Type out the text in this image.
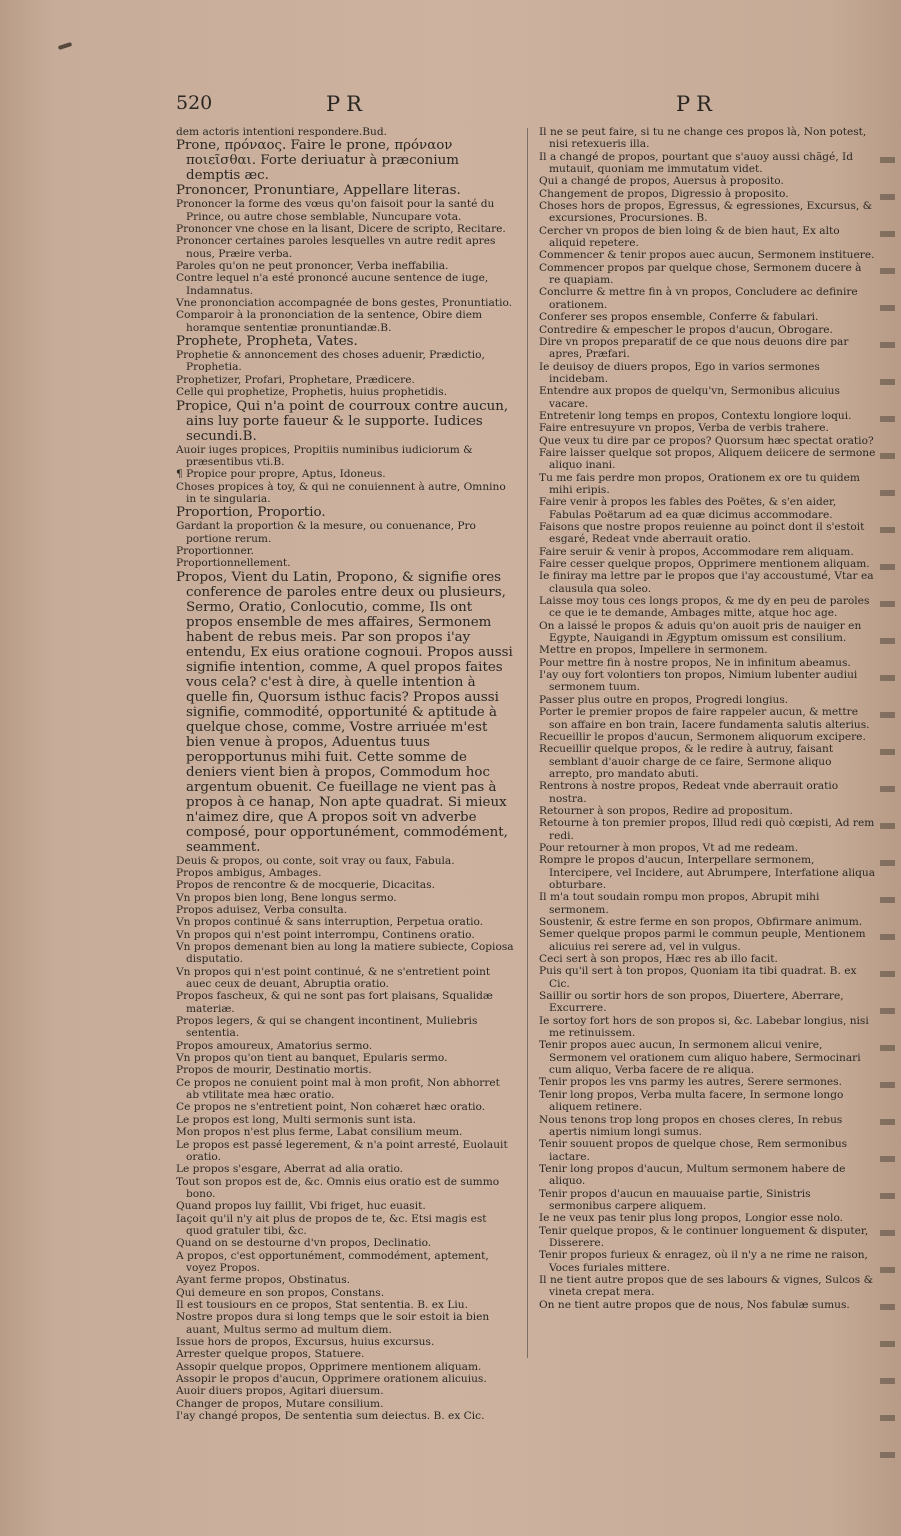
520	PR	PR

dem actoris intentioni respondere.Bud.

Prone, πρόναος. Faire le prone, πρόναον ποιεῖσθαι. Forte deriuatur à præconium demptis æc.

Prononcer, Pronuntiare, Appellare literas.

Prononcer la forme des vœus qu'on faisoit pour la santé du Prince, ou autre chose semblable, Nuncupare vota.

Prononcer vne chose en la lisant, Dicere de scripto, Recitare.

Prononcer certaines paroles lesquelles vn autre redit apres nous, Præire verba.

Paroles qu'on ne peut prononcer, Verba ineffabilia.

Contre lequel n'a esté prononcé aucune sentence de iuge, Indamnatus.

Vne prononciation accompagnée de bons gestes, Pronuntiatio.

Comparoir à la prononciation de la sentence, Obire diem horamque sententiæ pronuntiandæ.B.

Prophete, Propheta, Vates.

Prophetie & annoncement des choses aduenir, Prædictio, Prophetia.

Prophetizer, Profari, Prophetare, Prædicere.

Celle qui prophetize, Prophetis, huius prophetidis.

Propice, Qui n'a point de courroux contre aucun, ains luy porte faueur & le supporte. Iudices secundi.B.

Auoir iuges propices, Propitiis numinibus iudiciorum & præsentibus vti.B.

¶ Propice pour propre, Aptus, Idoneus.

Choses propices à toy, & qui ne conuiennent à autre, Omnino in te singularia.

Proportion, Proportio.

Gardant la proportion & la mesure, ou conuenance, Pro portione rerum.

Proportionner.

Proportionnellement.

Propos, Vient du Latin, Propono, & signifie ores conference de paroles entre deux ou plusieurs, Sermo, Oratio, Conlocutio, comme, Ils ont propos ensemble de mes affaires, Sermonem habent de rebus meis. Par son propos i'ay entendu, Ex eius oratione cognoui. Propos aussi signifie intention, comme, A quel propos faites vous cela? c'est à dire, à quelle intention à quelle fin, Quorsum isthuc facis? Propos aussi signifie, commodité, opportunité & aptitude à quelque chose, comme, Vostre arriuée m'est bien venue à propos, Aduentus tuus peropportunus mihi fuit. Cette somme de deniers vient bien à propos, Commodum hoc argentum obuenit. Ce fueillage ne vient pas à propos à ce hanap, Non apte quadrat. Si mieux n'aimez dire, que A propos soit vn adverbe composé, pour opportunément, commodément, seamment.

Deuis & propos, ou conte, soit vray ou faux, Fabula.

Propos ambigus, Ambages.

Propos de rencontre & de mocquerie, Dicacitas.

Vn propos bien long, Bene longus sermo.

Propos aduisez, Verba consulta.

Vn propos continué & sans interruption, Perpetua oratio.

Vn propos qui n'est point interrompu, Continens oratio.

Vn propos demenant bien au long la matiere subiecte, Copiosa disputatio.

Vn propos qui n'est point continué, & ne s'entretient point auec ceux de deuant, Abruptia oratio.

Propos fascheux, & qui ne sont pas fort plaisans, Squalidæ materiæ.

Propos legers, & qui se changent incontinent, Muliebris sententia.

Propos amoureux, Amatorius sermo.

Vn propos qu'on tient au banquet, Epularis sermo.

Propos de mourir, Destinatio mortis.

Ce propos ne conuient point mal à mon profit, Non abhorret ab vtilitate mea hæc oratio.

Ce propos ne s'entretient point, Non cohæret hæc oratio.

Le propos est long, Multi sermonis sunt ista.

Mon propos n'est plus ferme, Labat consilium meum.

Le propos est passé legerement, & n'a point arresté, Euolauit oratio.

Le propos s'esgare, Aberrat ad alia oratio.

Tout son propos est de, &c. Omnis eius oratio est de summo bono.

Quand propos luy faillit, Vbi friget, huc euasit.

Iaçoit qu'il n'y ait plus de propos de te, &c. Etsi magis est quod gratuler tibi, &c.

Quand on se destourne d'vn propos, Declinatio.

A propos, c'est opportunément, commodément, aptement, voyez Propos.

Ayant ferme propos, Obstinatus.

Qui demeure en son propos, Constans.

Il est tousiours en ce propos, Stat sententia. B. ex Liu.

Nostre propos dura si long temps que le soir estoit ia bien auant, Multus sermo ad multum diem.

Issue hors de propos, Excursus, huius excursus.

Arrester quelque propos, Statuere.

Assopir quelque propos, Opprimere mentionem aliquam.

Assopir le propos d'aucun, Opprimere orationem alicuius.

Auoir diuers propos, Agitari diuersum.

Changer de propos, Mutare consilium.

I'ay changé propos, De sententia sum deiectus. B. ex Cic.

Il ne se peut faire, si tu ne change ces propos là, Non potest, nisi retexueris illa.

Il a changé de propos, pourtant que s'auoy aussi chãgé, Id mutauit, quoniam me immutatum videt.

Qui a changé de propos, Auersus à proposito.

Changement de propos, Digressio à proposito.

Choses hors de propos, Egressus, & egressiones, Excursus, & excursiones, Procursiones. B.

Cercher vn propos de bien loing & de bien haut, Ex alto aliquid repetere.

Commencer & tenir propos auec aucun, Sermonem instituere.

Commencer propos par quelque chose, Sermonem ducere à re quapiam.

Conclurre & mettre fin à vn propos, Concludere ac definire orationem.

Conferer ses propos ensemble, Conferre & fabulari.

Contredire & empescher le propos d'aucun, Obrogare.

Dire vn propos preparatif de ce que nous deuons dire par apres, Præfari.

Ie deuisoy de diuers propos, Ego in varios sermones incidebam.

Entendre aux propos de quelqu'vn, Sermonibus alicuius vacare.

Entretenir long temps en propos, Contextu longiore loqui.

Faire entresuyure vn propos, Verba de verbis trahere.

Que veux tu dire par ce propos? Quorsum hæc spectat oratio?

Faire laisser quelque sot propos, Aliquem deiicere de sermone aliquo inani.

Tu me fais perdre mon propos, Orationem ex ore tu quidem mihi eripis.

Faire venir à propos les fables des Poëtes, & s'en aider, Fabulas Poëtarum ad ea quæ dicimus accommodare.

Faisons que nostre propos reuienne au poinct dont il s'estoit esgaré, Redeat vnde aberrauit oratio.

Faire seruir & venir à propos, Accommodare rem aliquam.

Faire cesser quelque propos, Opprimere mentionem aliquam.

Ie finiray ma lettre par le propos que i'ay accoustumé, Vtar ea clausula qua soleo.

Laisse moy tous ces longs propos, & me dy en peu de paroles ce que ie te demande, Ambages mitte, atque hoc age.

On a laissé le propos & aduis qu'on auoit pris de nauiger en Egypte, Nauigandi in Ægyptum omissum est consilium.

Mettre en propos, Impellere in sermonem.

Pour mettre fin à nostre propos, Ne in infinitum abeamus.

I'ay ouy fort volontiers ton propos, Nimium lubenter audiui sermonem tuum.

Passer plus outre en propos, Progredi longius.

Porter le premier propos de faire rappeler aucun, & mettre son affaire en bon train, Iacere fundamenta salutis alterius.

Recueillir le propos d'aucun, Sermonem aliquorum excipere.

Recueillir quelque propos, & le redire à autruy, faisant semblant d'auoir charge de ce faire, Sermone aliquo arrepto, pro mandato abuti.

Rentrons à nostre propos, Redeat vnde aberrauit oratio nostra.

Retourner à son propos, Redire ad propositum.

Retourne à ton premier propos, Illud redi quò cœpisti, Ad rem redi.

Pour retourner à mon propos, Vt ad me redeam.

Rompre le propos d'aucun, Interpellare sermonem, Intercipere, vel Incidere, aut Abrumpere, Interfatione aliqua obturbare.

Il m'a tout soudain rompu mon propos, Abrupit mihi sermonem.

Soustenir, & estre ferme en son propos, Obfirmare animum.

Semer quelque propos parmi le commun peuple, Mentionem alicuius rei serere ad, vel in vulgus.

Ceci sert à son propos, Hæc res ab illo facit.

Puis qu'il sert à ton propos, Quoniam ita tibi quadrat. B. ex Cic.

Saillir ou sortir hors de son propos, Diuertere, Aberrare, Excurrere.

Ie sortoy fort hors de son propos si, &c. Labebar longius, nisi me retinuissem.

Tenir propos auec aucun, In sermonem alicui venire, Sermonem vel orationem cum aliquo habere, Sermocinari cum aliquo, Verba facere de re aliqua.

Tenir propos les vns parmy les autres, Serere sermones.

Tenir long propos, Verba multa facere, In sermone longo aliquem retinere.

Nous tenons trop long propos en choses cleres, In rebus apertis nimium longi sumus.

Tenir souuent propos de quelque chose, Rem sermonibus iactare.

Tenir long propos d'aucun, Multum sermonem habere de aliquo.

Tenir propos d'aucun en mauuaise partie, Sinistris sermonibus carpere aliquem.

Ie ne veux pas tenir plus long propos, Longior esse nolo.

Tenir quelque propos, & le continuer longuement & disputer, Disserere.

Tenir propos furieux & enragez, où il n'y a ne rime ne raison, Voces furiales mittere.

Il ne tient autre propos que de ses labours & vignes, Sulcos & vineta crepat mera.

On ne tient autre propos que de nous, Nos fabulæ sumus.
